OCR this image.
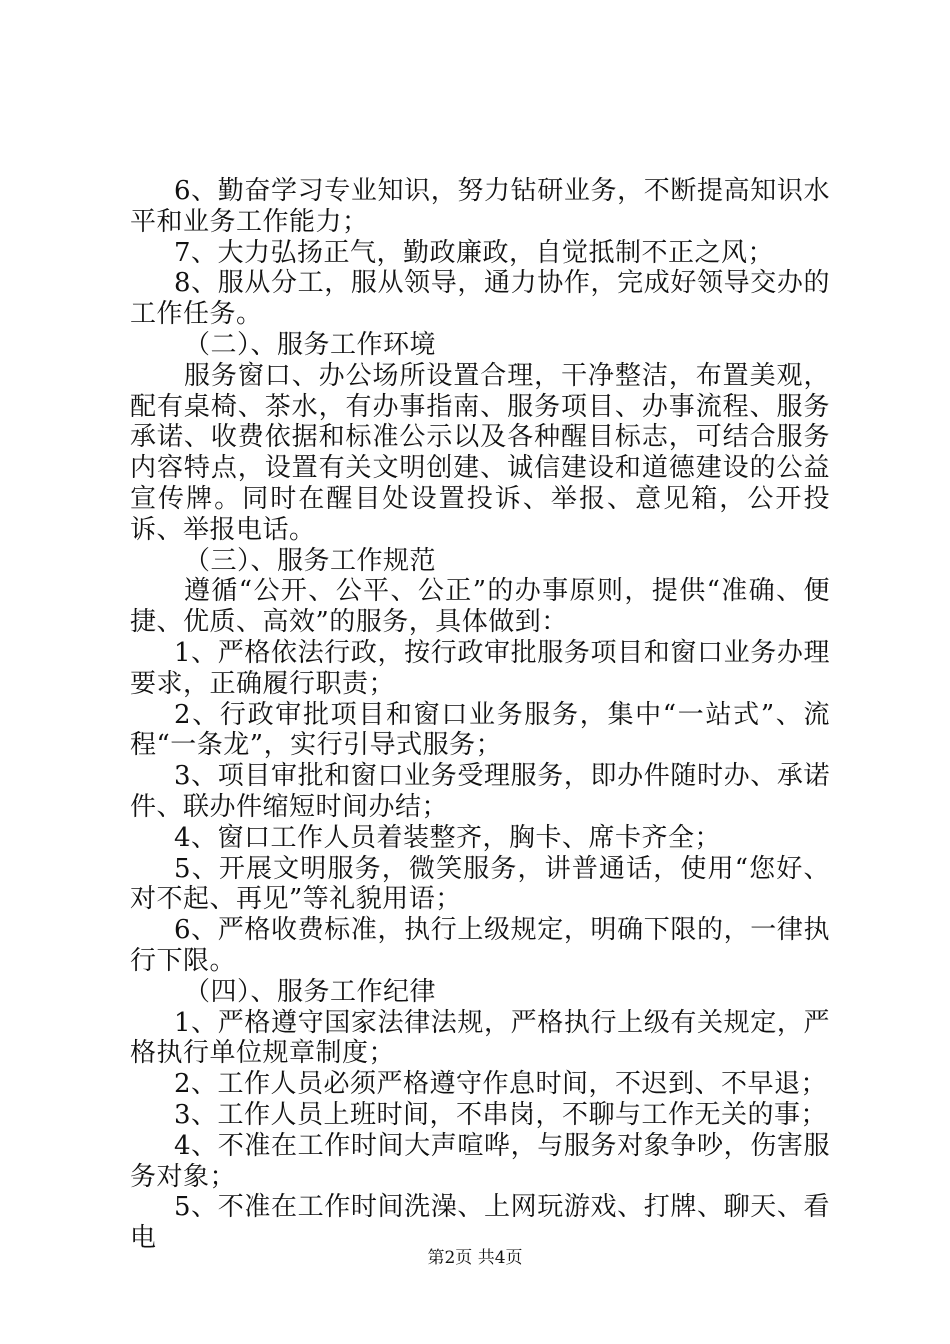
6、勤奋学习专业知识，努力钻研业务，不断提高知识水平和业务工作能力；

7、大力弘扬正气，勤政廉政，自觉抵制不正之风；

8、服从分工，服从领导，通力协作，完成好领导交办的工作任务。

（二）、服务工作环境

服务窗口、办公场所设置合理，干净整洁，布置美观，配有桌椅、茶水，有办事指南、服务项目、办事流程、服务承诺、收费依据和标准公示以及各种醒目标志，可结合服务内容特点，设置有关文明创建、诚信建设和道德建设的公益宣传牌。同时在醒目处设置投诉、举报、意见箱，公开投诉、举报电话。

（三）、服务工作规范

遵循“公开、公平、公正”的办事原则，提供“准确、便捷、优质、高效”的服务，具体做到：

1、严格依法行政，按行政审批服务项目和窗口业务办理要求，正确履行职责；

2、行政审批项目和窗口业务服务，集中“一站式”、流程“一条龙”，实行引导式服务；

3、项目审批和窗口业务受理服务，即办件随时办、承诺件、联办件缩短时间办结；

4、窗口工作人员着装整齐，胸卡、席卡齐全；

5、开展文明服务，微笑服务，讲普通话，使用“您好、对不起、再见”等礼貌用语；

6、严格收费标准，执行上级规定，明确下限的，一律执行下限。

（四）、服务工作纪律

1、严格遵守国家法律法规，严格执行上级有关规定，严格执行单位规章制度；

2、工作人员必须严格遵守作息时间，不迟到、不早退；

3、工作人员上班时间，不串岗，不聊与工作无关的事；

4、不准在工作时间大声喧哗，与服务对象争吵，伤害服务对象；

5、不准在工作时间洗澡、上网玩游戏、打牌、聊天、看电

第2页 共4页
